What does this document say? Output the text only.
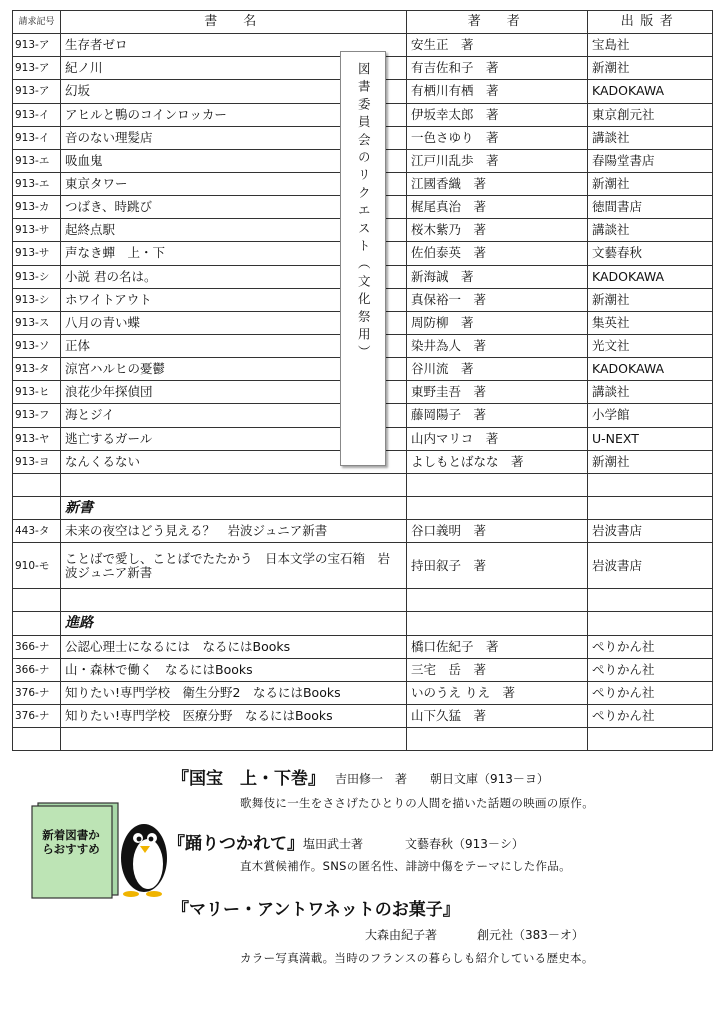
請求記号	書　名	著　者	出版者
913-ア	生存者ゼロ	安生正　著	宝島社
913-ア	紀ノ川	有吉佐和子　著	新潮社
913-ア	幻坂	有栖川有栖　著	KADOKAWA
913-イ	アヒルと鴨のコインロッカー	伊坂幸太郎　著	東京創元社
913-イ	音のない理髪店	一色さゆり　著	講談社
913-エ	吸血鬼	江戸川乱歩　著	春陽堂書店
913-エ	東京タワー	江國香織　著	新潮社
913-カ	つばき、時跳び	梶尾真治　著	徳間書店
913-サ	起終点駅	桜木紫乃　著	講談社
913-サ	声なき蟬　上・下	佐伯泰英　著	文藝春秋
913-シ	小説 君の名は。	新海誠　著	KADOKAWA
913-シ	ホワイトアウト	真保裕一　著	新潮社
913-ス	八月の青い蝶	周防柳　著	集英社
913-ソ	正体	染井為人　著	光文社
913-タ	涼宮ハルヒの憂鬱	谷川流　著	KADOKAWA
913-ヒ	浪花少年探偵団	東野圭吾　著	講談社
913-フ	海とジイ	藤岡陽子　著	小学館
913-ヤ	逃亡するガール	山内マリコ　著	U-NEXT
913-ヨ	なんくるない	よしもとばなな　著	新潮社

	新書		
443-タ	未来の夜空はどう見える？　岩波ジュニア新書	谷口義明　著	岩波書店
910-モ	ことばで愛し、ことばでたたかう　日本文学の宝石箱　岩波ジュニア新書	持田叙子　著	岩波書店

	進路		
366-ナ	公認心理士になるには　なるにはBooks	橋口佐紀子　著	ぺりかん社
366-ナ	山・森林で働く　なるにはBooks	三宅　岳　著	ぺりかん社
376-ナ	知りたい!専門学校　衛生分野2　なるにはBooks	いのうえ りえ　著	ぺりかん社
376-ナ	知りたい!専門学校　医療分野　なるにはBooks	山下久猛　著	ぺりかん社

図書委員会のリクエスト︵文化祭用︶
新着図書からおすすめ
『国宝　上・下巻』 吉田修一　著 朝日文庫（913－ヨ）
歌舞伎に一生をささげたひとりの人間を描いた話題の映画の原作。
『踊りつかれて』 塩田武士著	文藝春秋（913－シ）
直木賞候補作。SNSの匿名性、誹謗中傷をテーマにした作品。
『マリー・アントワネットのお菓子』
大森由紀子著	創元社（383－オ）
カラー写真満載。当時のフランスの暮らしも紹介している歴史本。
